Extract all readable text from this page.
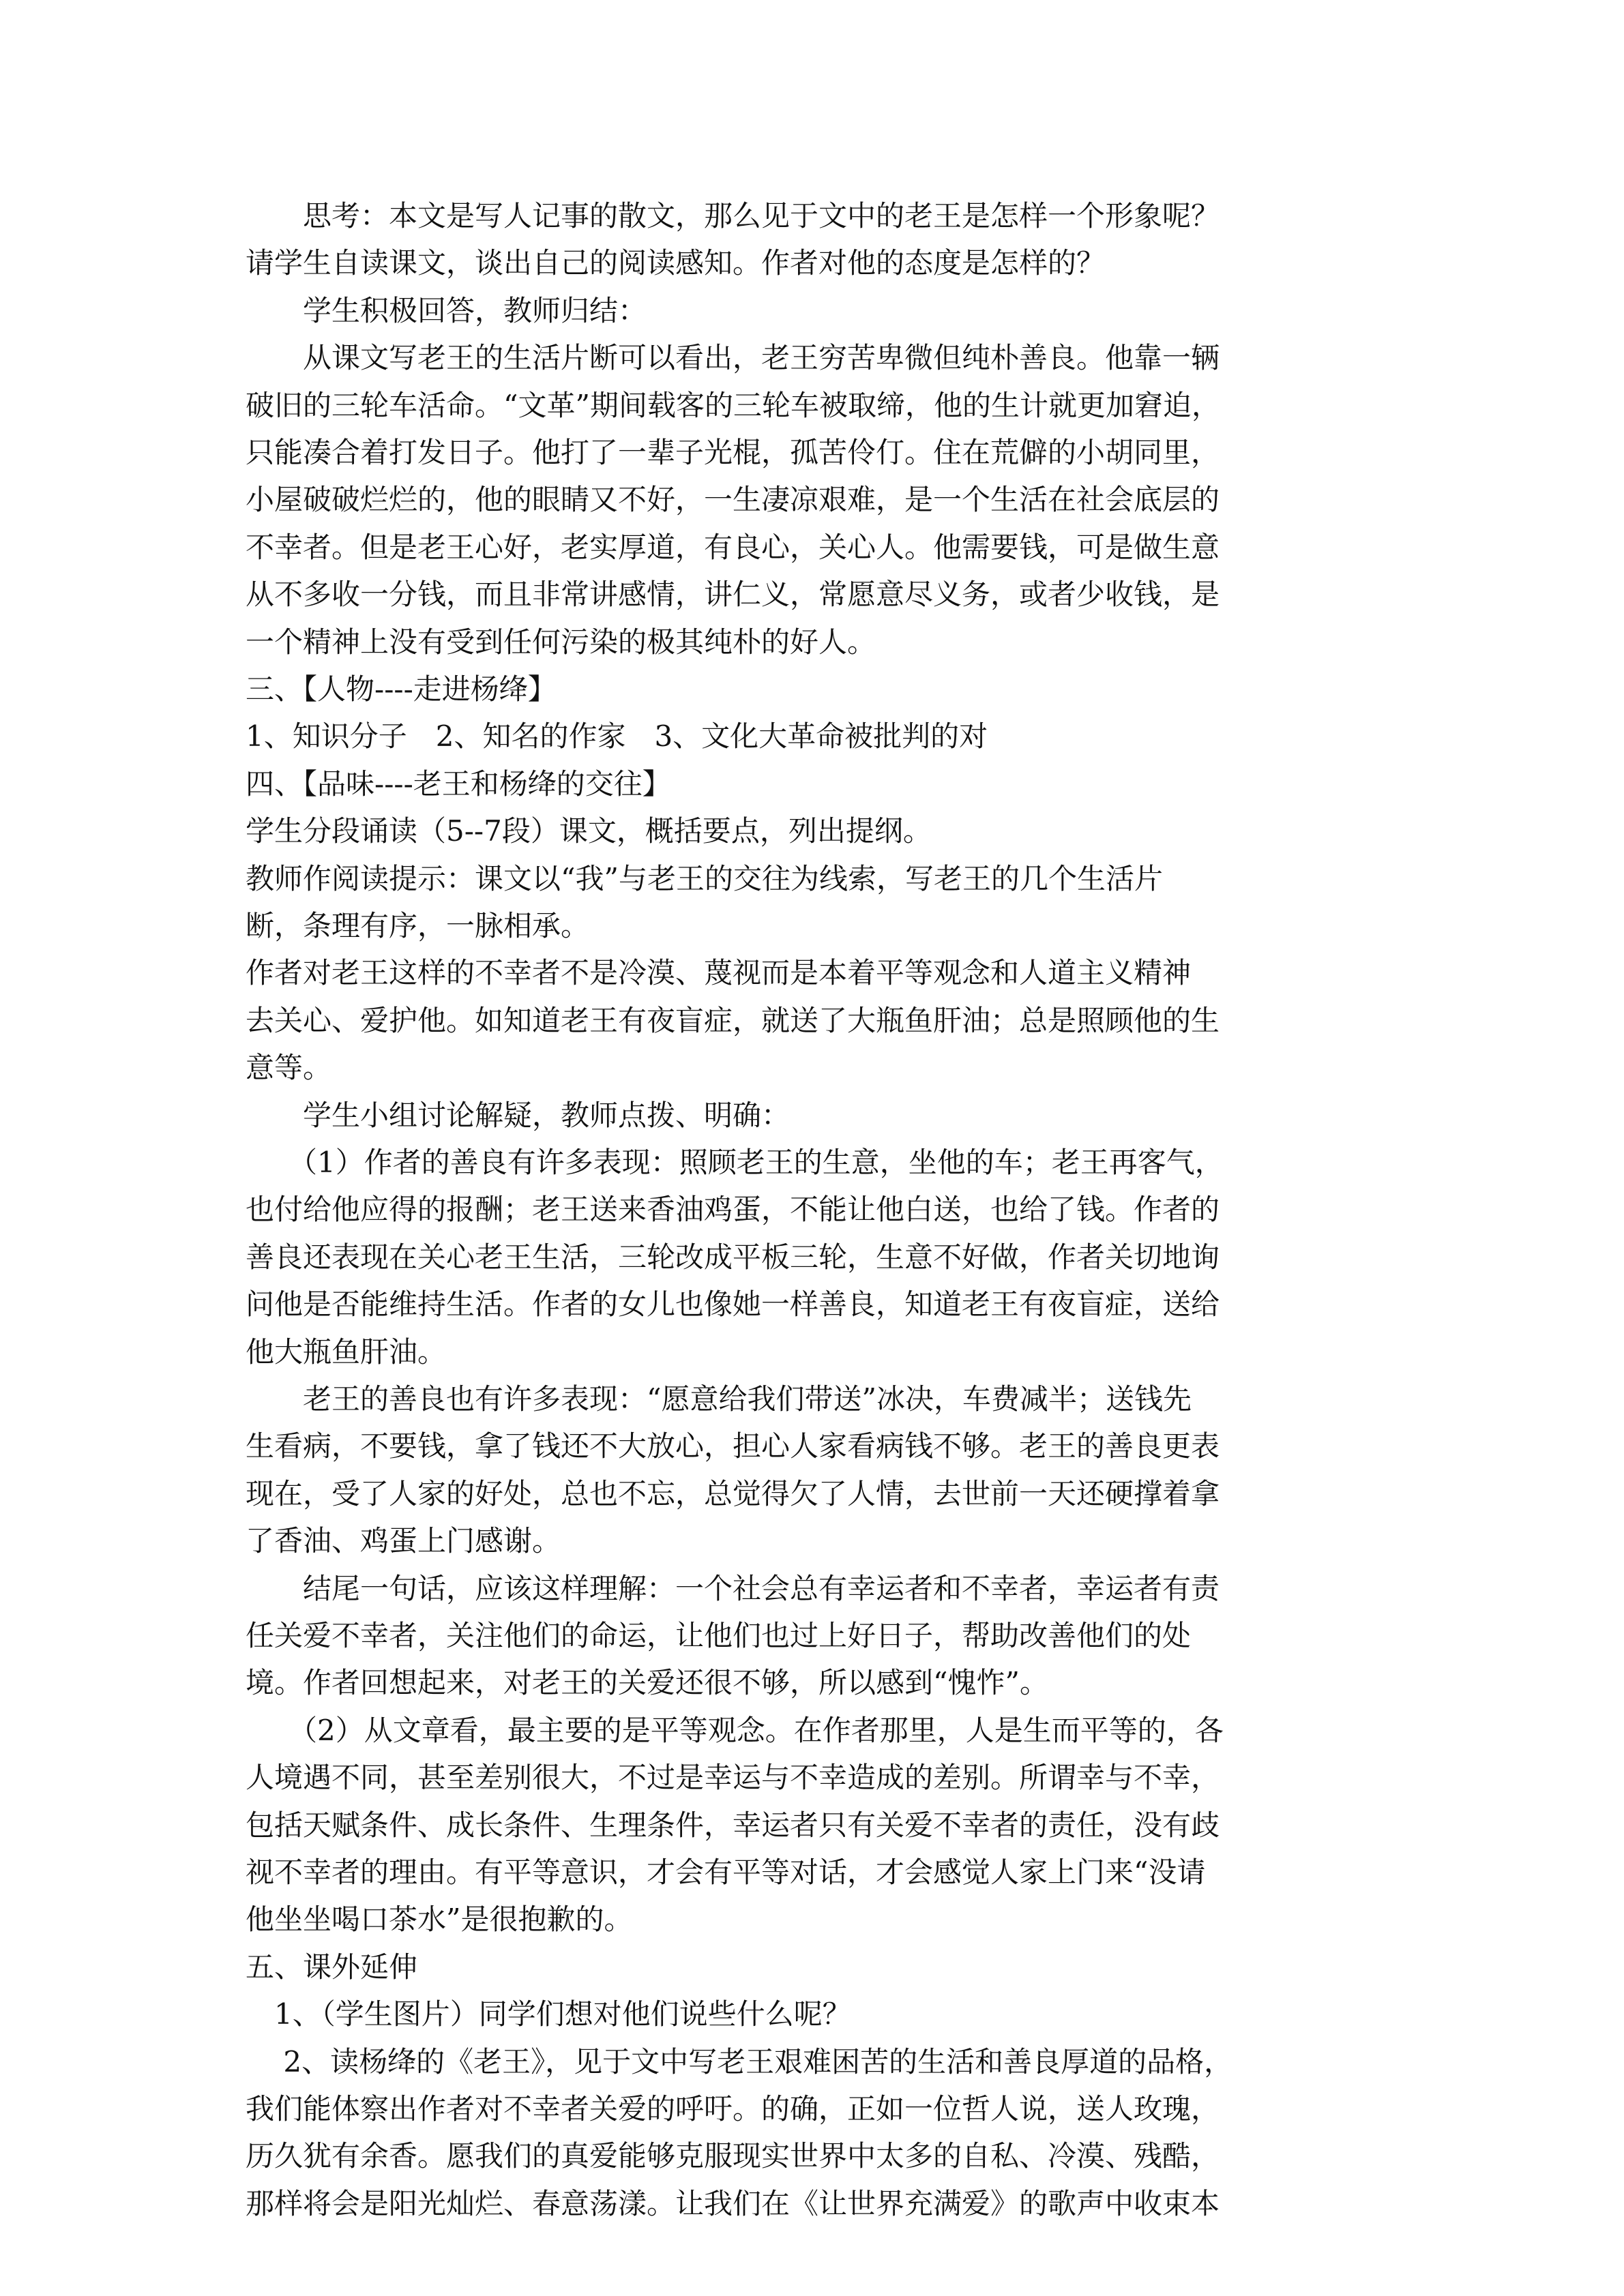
　　思考：本文是写人记事的散文，那么见于文中的老王是怎样一个形象呢？
请学生自读课文，谈出自己的阅读感知。作者对他的态度是怎样的？
　　学生积极回答，教师归结：
　　从课文写老王的生活片断可以看出，老王穷苦卑微但纯朴善良。他靠一辆
破旧的三轮车活命。“文革”期间载客的三轮车被取缔，他的生计就更加窘迫，
只能凑合着打发日子。他打了一辈子光棍，孤苦伶仃。住在荒僻的小胡同里，
小屋破破烂烂的，他的眼睛又不好，一生凄凉艰难，是一个生活在社会底层的
不幸者。但是老王心好，老实厚道，有良心，关心人。他需要钱，可是做生意
从不多收一分钱，而且非常讲感情，讲仁义，常愿意尽义务，或者少收钱，是
一个精神上没有受到任何污染的极其纯朴的好人。
三、【人物----走进杨绛】
1、知识分子　2、知名的作家　3、文化大革命被批判的对
四、【品味----老王和杨绛的交往】
学生分段诵读（5--7段）课文，概括要点，列出提纲。
教师作阅读提示：课文以“我”与老王的交往为线索，写老王的几个生活片
断，条理有序，一脉相承。
作者对老王这样的不幸者不是冷漠、蔑视而是本着平等观念和人道主义精神
去关心、爱护他。如知道老王有夜盲症，就送了大瓶鱼肝油；总是照顾他的生
意等。
　　学生小组讨论解疑，教师点拨、明确：
　　（1）作者的善良有许多表现：照顾老王的生意，坐他的车；老王再客气，
也付给他应得的报酬；老王送来香油鸡蛋，不能让他白送，也给了钱。作者的
善良还表现在关心老王生活，三轮改成平板三轮，生意不好做，作者关切地询
问他是否能维持生活。作者的女儿也像她一样善良，知道老王有夜盲症，送给
他大瓶鱼肝油。
　　老王的善良也有许多表现：“愿意给我们带送”冰决，车费减半；送钱先
生看病，不要钱，拿了钱还不大放心，担心人家看病钱不够。老王的善良更表
现在，受了人家的好处，总也不忘，总觉得欠了人情，去世前一天还硬撑着拿
了香油、鸡蛋上门感谢。
　　结尾一句话，应该这样理解：一个社会总有幸运者和不幸者，幸运者有责
任关爱不幸者，关注他们的命运，让他们也过上好日子，帮助改善他们的处
境。作者回想起来，对老王的关爱还很不够，所以感到“愧怍”。
　　（2）从文章看，最主要的是平等观念。在作者那里，人是生而平等的，各
人境遇不同，甚至差别很大，不过是幸运与不幸造成的差别。所谓幸与不幸，
包括天赋条件、成长条件、生理条件，幸运者只有关爱不幸者的责任，没有歧
视不幸者的理由。有平等意识，才会有平等对话，才会感觉人家上门来“没请
他坐坐喝口茶水”是很抱歉的。
五、课外延伸
　1、（学生图片）同学们想对他们说些什么呢？
　 2、读杨绛的《老王》，见于文中写老王艰难困苦的生活和善良厚道的品格，
我们能体察出作者对不幸者关爱的呼吁。的确，正如一位哲人说，送人玫瑰，
历久犹有余香。愿我们的真爱能够克服现实世界中太多的自私、冷漠、残酷，
那样将会是阳光灿烂、春意荡漾。让我们在《让世界充满爱》的歌声中收束本
